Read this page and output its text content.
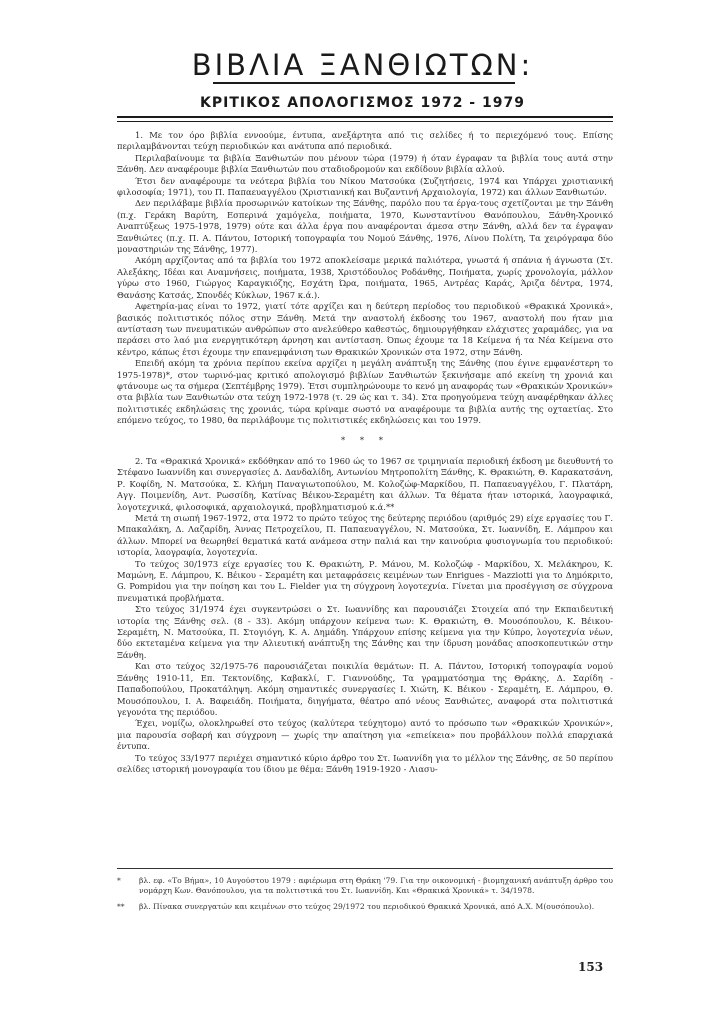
ΒΙΒΛΙΑ ΞΑΝΘΙΩΤΩΝ:
ΚΡΙΤΙΚΟΣ ΑΠΟΛΟΓΙΣΜΟΣ 1972 - 1979

1. Με τον όρο βιβλία εννοούμε, έντυπα, ανεξάρτητα από τις σελίδες ή το περιεχόμενό τους. Επίσης περιλαμβάνονται τεύχη περιοδικών και ανάτυπα από περιοδικά.

Περιλαβαίνουμε τα βιβλία Ξανθιωτών που μένουν τώρα (1979) ή όταν έγραφαν τα βιβλία τους αυτά στην Ξάνθη. Δεν αναφέρουμε βιβλία Ξανθιωτών που σταδιοδρομούν και εκδίδουν βιβλία αλλού.

Έτσι δεν αναφέρουμε τα νεότερα βιβλία του Νίκου Ματσούκα (Συζητήσεις, 1974 και Υπάρχει χριστιανική φιλοσοφία; 1971), του Π. Παπαευαγγέλου (Χριστιανική και Βυζαντινή Αρχαιολογία, 1972) και άλλων Ξανθιωτών.

Δεν περιλάβαμε βιβλία προσωρινών κατοίκων της Ξάνθης, παρόλο που τα έργα-τους σχετίζονται με την Ξάνθη (π.χ. Γεράκη Βαρύτη, Εσπερινά χαμόγελα, ποιήματα, 1970, Κωνσταντίνου Θανόπουλου, Ξάνθη-Χρονικό Αναπτύξεως 1975-1978, 1979) ούτε και άλλα έργα που αναφέρονται άμεσα στην Ξάνθη, αλλά δεν τα έγραψαν Ξανθιώτες (π.χ. Π. Α. Πάντου, Ιστορική τοπογραφία του Νομού Ξάνθης, 1976, Λίνου Πολίτη, Τα χειρόγραφα δύο μοναστηριών της Ξάνθης, 1977).

Ακόμη αρχίζοντας από τα βιβλία του 1972 αποκλείσαμε μερικά παλιότερα, γνωστά ή σπάνια ή άγνωστα (Στ. Αλεξάκης, Ιδέαι και Αναμνήσεις, ποιήματα, 1938, Χριστόδουλος Ροδάνθης, Ποιήματα, χωρίς χρονολογία, μάλλον γύρω στο 1960, Γιώργος Καραγκιόζης, Εσχάτη Ώρα, ποιήματα, 1965, Αντρέας Καράς, Άριζα δέντρα, 1974, Θανάσης Κατσάς, Σπονδές Κύκλων, 1967 κ.ά.).

Αφετηρία-μας είναι το 1972, γιατί τότε αρχίζει και η δεύτερη περίοδος του περιοδικού «Θρακικά Χρονικά», βασικός πολιτιστικός πόλος στην Ξάνθη. Μετά την αναστολή έκδοσης του 1967, αναστολή που ήταν μια αντίσταση των πνευματικών ανθρώπων στο ανελεύθερο καθεστώς, δημιουργήθηκαν ελάχιστες χαραμάδες, για να περάσει στο λαό μια ενεργητικότερη άρνηση και αντίσταση. Όπως έχουμε τα 18 Κείμενα ή τα Νέα Κείμενα στο κέντρο, κάπως έτσι έχουμε την επανεμφάνιση των Θρακικών Χρονικών στα 1972, στην Ξάνθη.

Επειδή ακόμη τα χρόνια περίπου εκείνα αρχίζει η μεγάλη ανάπτυξη της Ξάνθης (που έγινε εμφανέστερη το 1975-1978)*, στον τωρινό-μας κριτικό απολογισμό βιβλίων Ξανθιωτών ξεκινήσαμε από εκείνη τη χρονιά και φτάνουμε ως τα σήμερα (Σεπτέμβρης 1979). Έτσι συμπληρώνουμε το κενό μη αναφοράς των «Θρακικών Χρονικών» στα βιβλία των Ξανθιωτών στα τεύχη 1972-1978 (τ. 29 ώς και τ. 34). Στα προηγούμενα τεύχη αναφέρθηκαν άλλες πολιτιστικές εκδηλώσεις της χρονιάς, τώρα κρίναμε σωστό να αναφέρουμε τα βιβλία αυτής της οχταετίας. Στο επόμενο τεύχος, το 1980, θα περιλάβουμε τις πολιτιστικές εκδηλώσεις και του 1979.

* * *

2. Τα «Θρακικά Χρονικά» εκδόθηκαν από το 1960 ώς το 1967 σε τριμηνιαία περιοδική έκδοση με διευθυντή το Στέφανο Ιωαννίδη και συνεργασίες Δ. Δανδαλίδη, Αντωνίου Μητροπολίτη Ξάνθης, Κ. Θρακιώτη, Θ. Καρακατσάνη, Ρ. Κοφίδη, Ν. Ματσούκα, Σ. Κλήμη Παναγιωτοπούλου, Μ. Κολοζώφ-Μαρκίδου, Π. Παπαευαγγέλου, Γ. Πλατάρη, Αγγ. Ποιμενίδη, Αντ. Ρωσσίδη, Κατίνας Βέικου-Σεραμέτη και άλλων. Τα θέματα ήταν ιστορικά, λαογραφικά, λογοτεχνικά, φιλοσοφικά, αρχαιολογικά, προβληματισμού κ.ά.**

Μετά τη σιωπή 1967-1972, στα 1972 το πρώτο τεύχος της δεύτερης περιόδου (αριθμός 29) είχε εργασίες του Γ. Μπακαλάκη, Δ. Λαζαρίδη, Άννας Πετροχείλου, Π. Παπαευαγγέλου, Ν. Ματσούκα, Στ. Ιωαννίδη, Ε. Λάμπρου και άλλων. Μπορεί να θεωρηθεί θεματικά κατά ανάμεσα στην παλιά και την καινούρια φυσιογνωμία του περιοδικού: ιστορία, λαογραφία, λογοτεχνία.

Το τεύχος 30/1973 είχε εργασίες του Κ. Θρακιώτη, Ρ. Μάνου, Μ. Κολοζώφ - Μαρκίδου, Χ. Μελάκηρου, Κ. Μαμώνη, Ε. Λάμπρου, Κ. Βέικου - Σεραμέτη και μεταφράσεις κειμένων των Enrigues - Mazziotti για το Δημόκριτο, G. Pompidou για την ποίηση και του L. Fielder για τη σύγχρονη λογοτεχνία. Γίνεται μια προσέγγιση σε σύγχρονα πνευματικά προβλήματα.

Στο τεύχος 31/1974 έχει συγκεντρώσει ο Στ. Ιωαννίδης και παρουσιάζει Στοιχεία από την Εκπαιδευτική ιστορία της Ξάνθης σελ. (8 - 33). Ακόμη υπάρχουν κείμενα των: Κ. Θρακιώτη, Θ. Μουσόπουλου, Κ. Βέικου-Σεραμέτη, Ν. Ματσούκα, Π. Στογιόγη, Κ. Α. Δημάδη. Υπάρχουν επίσης κείμενα για την Κύπρο, λογοτεχνία νέων, δύο εκτεταμένα κείμενα για την Αλιευτική ανάπτυξη της Ξάνθης και την ίδρυση μονάδας αποσκοπευτικών στην Ξάνθη.

Και στο τεύχος 32/1975-76 παρουσιάζεται ποικιλία θεμάτων: Π. Α. Πάντου, Ιστορική τοπογραφία νομού Ξάνθης 1910-11, Επ. Τεκτονίδης, Καβακλί, Γ. Γιαννούδης, Τα γραμματόσημα της Θράκης, Δ. Σαρίδη - Παπαδοπούλου, Προκατάληψη. Ακόμη σημαντικές συνεργασίες Ι. Χιώτη, Κ. Βέικου - Σεραμέτη, Ε. Λάμπρου, Θ. Μουσόπουλου, Ι. Α. Βαφειάδη. Ποιήματα, διηγήματα, θέατρο από νέους Ξανθιώτες, αναφορά στα πολιτιστικά γεγονότα της περιόδου.

Έχει, νομίζω, ολοκληρωθεί στο τεύχος (καλύτερα τεύχητομο) αυτό το πρόσωπο των «Θρακικών Χρονικών», μια παρουσία σοβαρή και σύγχρονη — χωρίς την απαίτηση για «επιείκεια» που προβάλλουν πολλά επαρχιακά έντυπα.

Το τεύχος 33/1977 περιέχει σημαντικό κύριο άρθρο του Στ. Ιωαννίδη για το μέλλον της Ξάνθης, σε 50 περίπου σελίδες ιστορική μονογραφία του ίδιου με θέμα: Ξάνθη 1919-1920 - Λιασυ-

*	βλ. εφ. «Το Βήμα», 10 Αυγούστου 1979 : αφιέρωμα στη Θράκη '79. Για την οικονομική - βιομηχανική ανάπτυξη άρθρο του νομάρχη Κων. Θανόπουλου, για τα πολιτιστικά του Στ. Ιωαννίδη. Και «Θρακικά Χρονικά» τ. 34/1978.
**	βλ. Πίνακα συνεργατών και κειμένων στο τεύχος 29/1972 του περιοδικού Θρακικά Χρονικά, από Α.Χ. Μ(ουσόπουλο).
153
